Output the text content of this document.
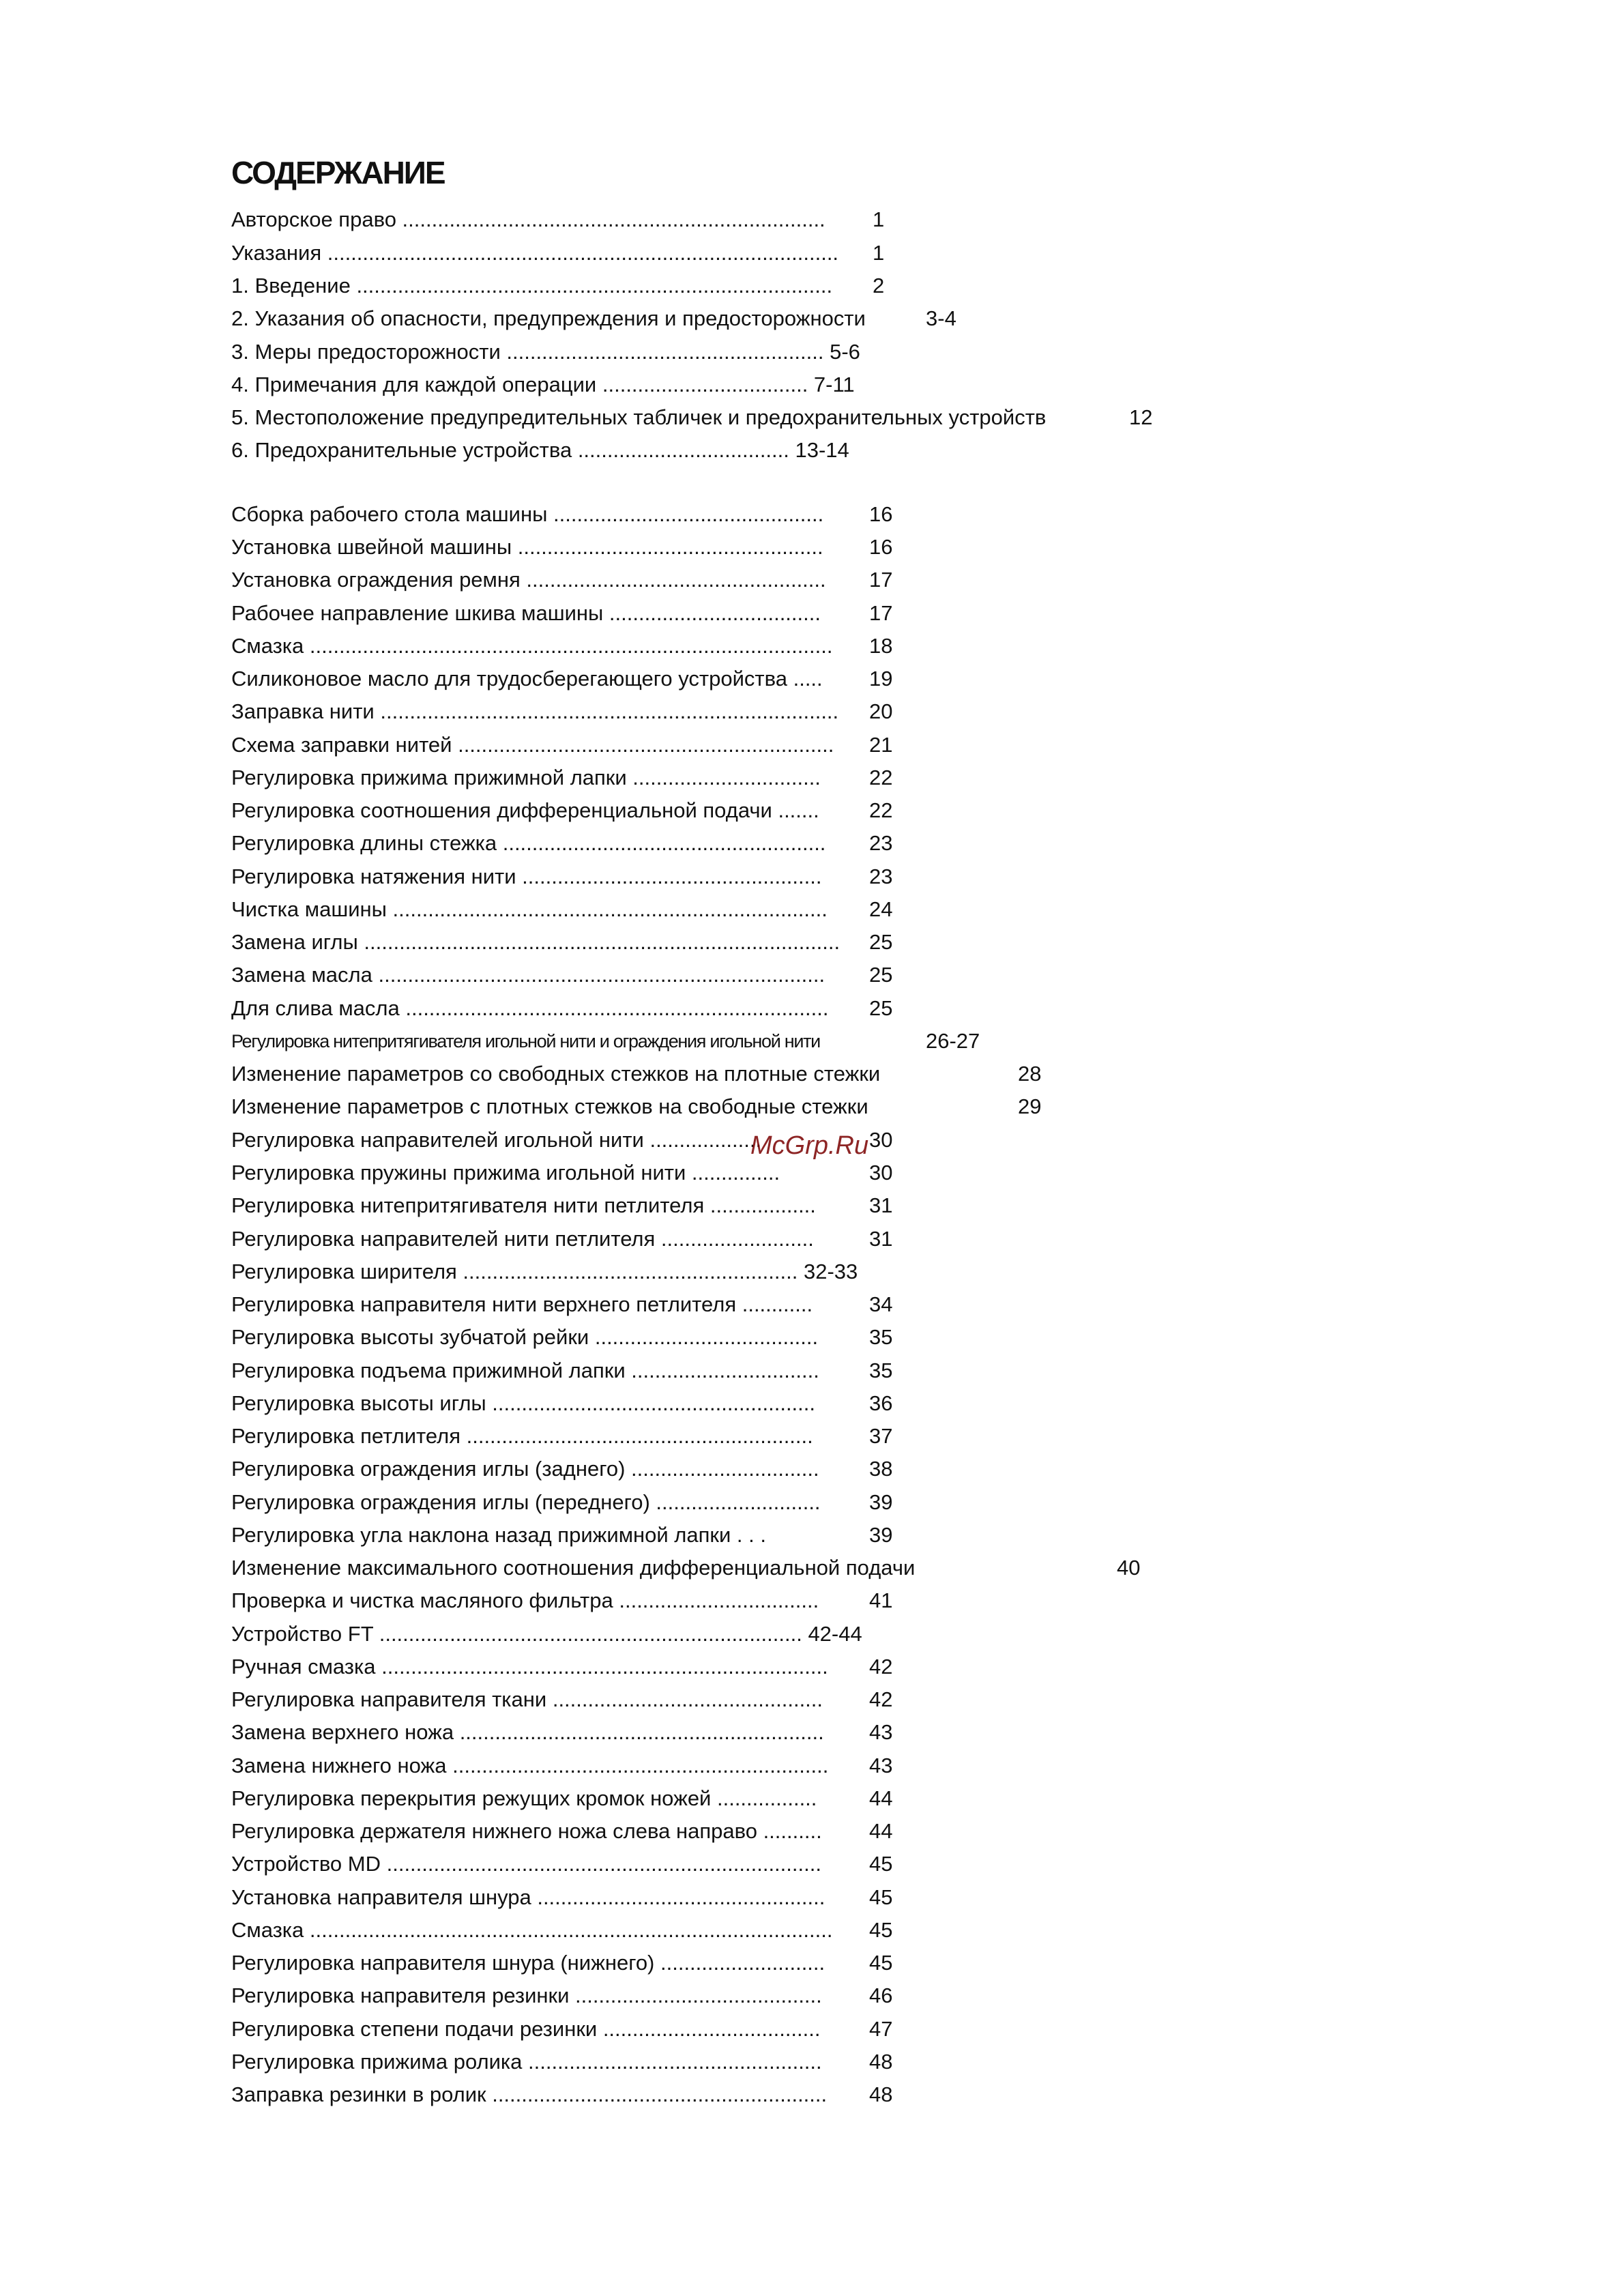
СОДЕРЖАНИЕ
Авторское право ........................................................................ 1
Указания ....................................................................................... 1
1. Введение ................................................................................. 2
2. Указания об опасности, предупреждения и предосторожности	3-4
3. Меры предосторожности ...................................................... 5-6
4. Примечания для каждой операции ................................... 7-11
5. Местоположение предупредительных табличек и предохранительных устройств	12
6. Предохранительные устройства .................................... 13-14
Сборка рабочего стола машины .............................................. 16
Установка швейной машины .................................................... 16
Установка ограждения ремня ................................................... 17
Рабочее направление шкива машины .................................... 17
Смазка ......................................................................................... 18
Силиконовое масло для трудосберегающего устройства ..... 19
Заправка нити .............................................................................. 20
Схема заправки нитей ................................................................ 21
Регулировка прижима прижимной лапки ................................ 22
Регулировка соотношения дифференциальной подачи ....... 22
Регулировка длины стежка ....................................................... 23
Регулировка натяжения нити ................................................... 23
Чистка машины .......................................................................... 24
Замена иглы ................................................................................. 25
Замена масла ............................................................................ 25
Для слива масла ........................................................................ 25
Регулировка нитепритягивателя игольной нити и ограждения игольной нити	26-27
Изменение параметров со свободных стежков на плотные стежки	28
Изменение параметров с плотных стежков на свободные стежки	29
Регулировка направителей игольной нити ...................	30
Регулировка пружины прижима игольной нити ...............	30
Регулировка нитепритягивателя нити петлителя ..................	31
Регулировка направителей нити петлителя ..........................	31
Регулировка ширителя ......................................................... 32-33
Регулировка направителя нити верхнего петлителя ............	34
Регулировка высоты зубчатой рейки ...................................... 35
Регулировка подъема прижимной лапки ................................ 35
Регулировка высоты иглы .......................................................	36
Регулировка петлителя ...........................................................	37
Регулировка ограждения иглы (заднего) ................................ 38
Регулировка ограждения иглы (переднего) ............................ 39
Регулировка угла наклона назад прижимной лапки . . .	39
Изменение максимального соотношения дифференциальной подачи	40
Проверка и чистка масляного фильтра .................................. 41
Устройство FT ........................................................................ 42-44
Ручная смазка ............................................................................ 42
Регулировка направителя ткани .............................................. 42
Замена верхнего ножа .............................................................. 43
Замена нижнего ножа ................................................................ 43
Регулировка перекрытия режущих кромок ножей ................. 44
Регулировка держателя нижнего ножа слева направо .......... 44
Устройство MD .......................................................................... 45
Установка направителя шнура ................................................. 45
Смазка ......................................................................................... 45
Регулировка направителя шнура (нижнего) ............................ 45
Регулировка направителя резинки .......................................... 46
Регулировка степени подачи резинки ..................................... 47
Регулировка прижима ролика .................................................. 48
Заправка резинки в ролик ......................................................... 48
McGrp.Ru
